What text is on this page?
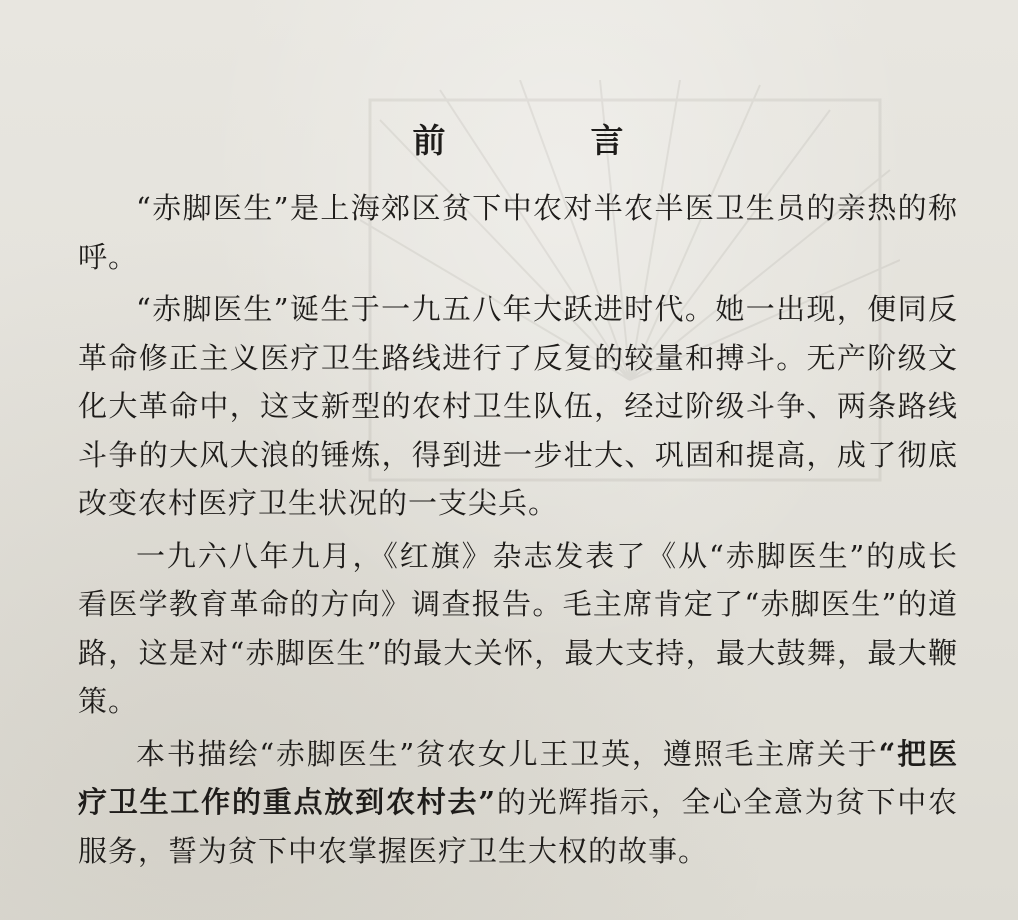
前　言

“赤脚医生”是上海郊区贫下中农对半农半医卫生员的亲热的称呼。

“赤脚医生”诞生于一九五八年大跃进时代。她一出现，便同反革命修正主义医疗卫生路线进行了反复的较量和搏斗。无产阶级文化大革命中，这支新型的农村卫生队伍，经过阶级斗争、两条路线斗争的大风大浪的锤炼，得到进一步壮大、巩固和提高，成了彻底改变农村医疗卫生状况的一支尖兵。

一九六八年九月，《红旗》杂志发表了《从“赤脚医生”的成长看医学教育革命的方向》调查报告。毛主席肯定了“赤脚医生”的道路，这是对“赤脚医生”的最大关怀，最大支持，最大鼓舞，最大鞭策。

本书描绘“赤脚医生”贫农女儿王卫英，遵照毛主席关于“把医疗卫生工作的重点放到农村去”的光辉指示，全心全意为贫下中农服务，誓为贫下中农掌握医疗卫生大权的故事。
